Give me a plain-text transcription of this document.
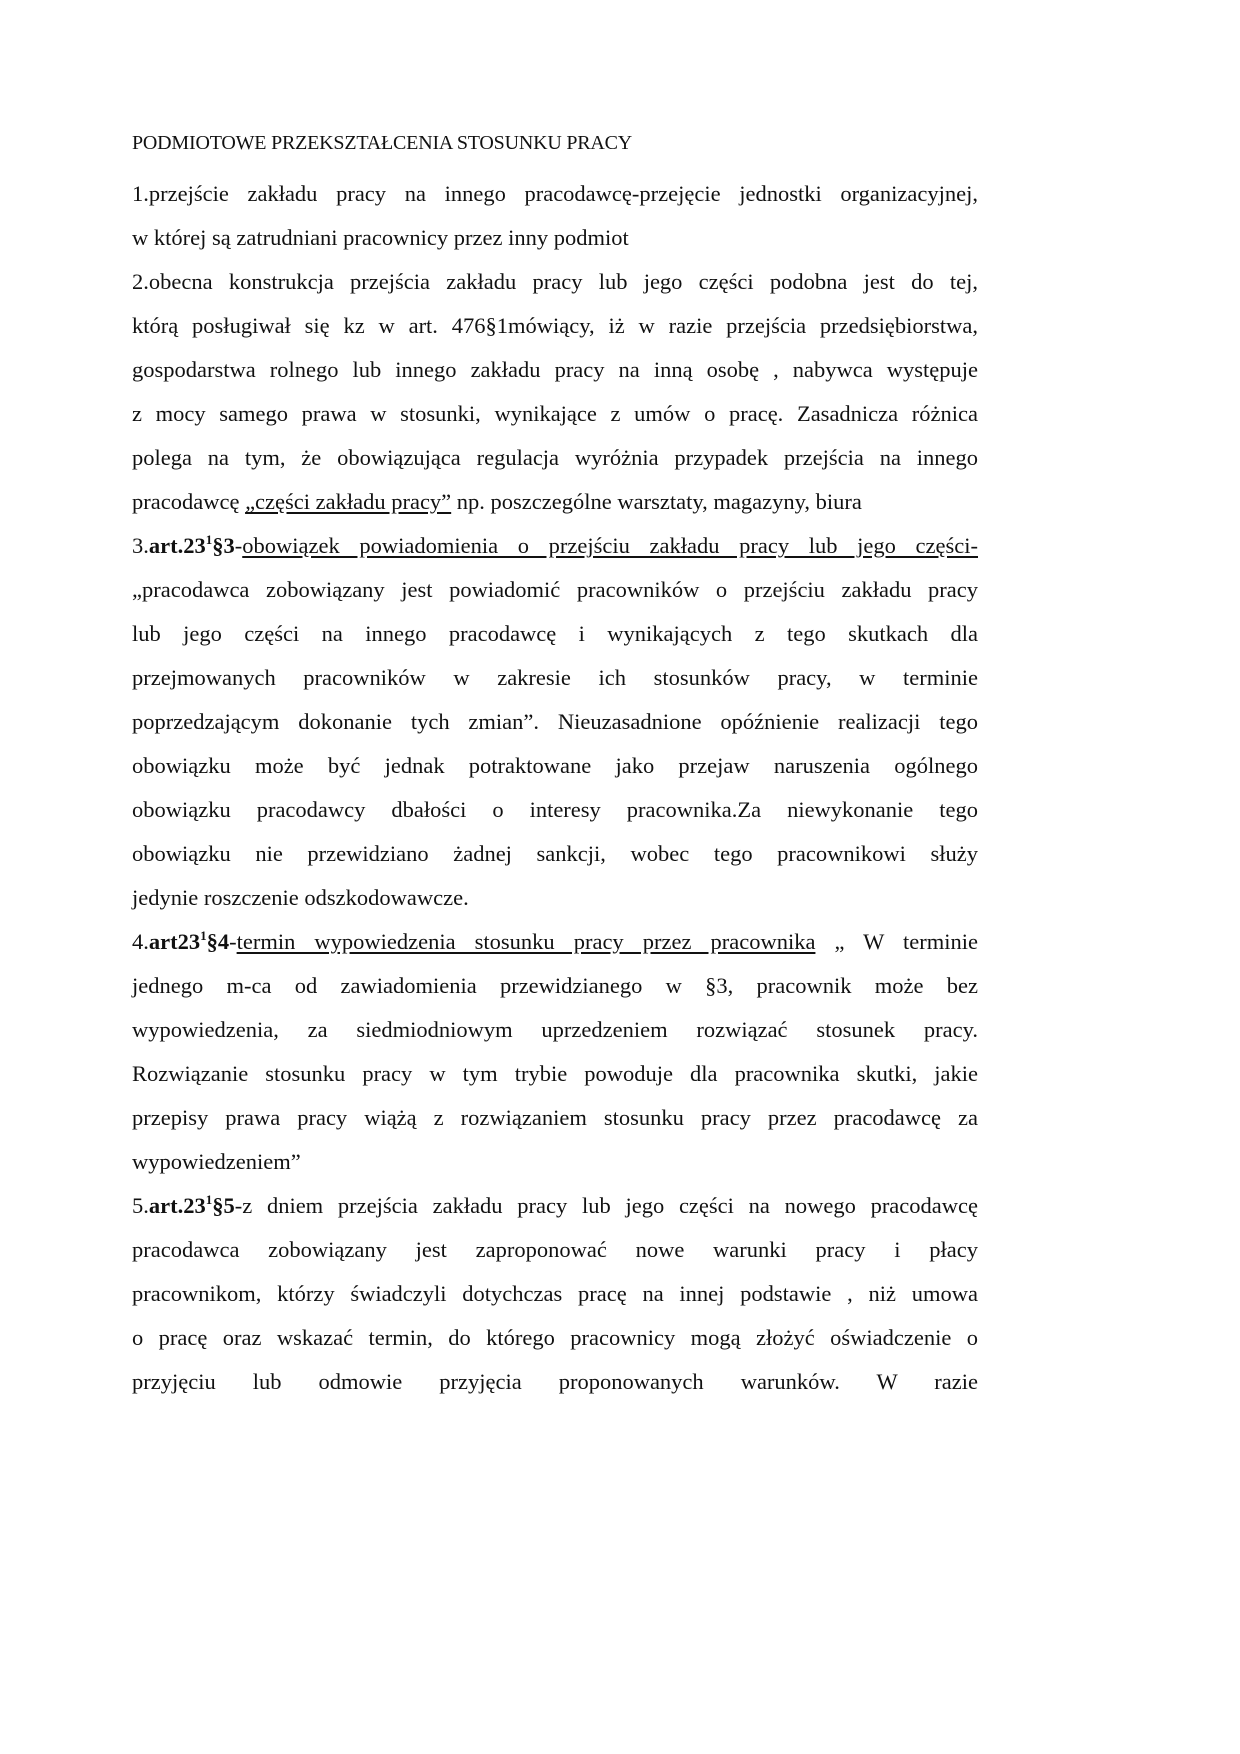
PODMIOTOWE PRZEKSZTAŁCENIA STOSUNKU PRACY
1.przejście zakładu pracy na innego pracodawcę-przejęcie jednostki organizacyjnej,
w której są zatrudniani pracownicy przez inny podmiot
2.obecna konstrukcja przejścia zakładu pracy lub jego części podobna jest do tej,
którą posługiwał się kz w art. 476§1mówiący, iż w razie przejścia przedsiębiorstwa,
gospodarstwa rolnego lub innego zakładu pracy na inną osobę , nabywca występuje
z mocy samego prawa w stosunki, wynikające z umów o pracę. Zasadnicza różnica
polega na tym, że obowiązująca regulacja wyróżnia przypadek przejścia na innego
pracodawcę „części zakładu pracy” np. poszczególne warsztaty, magazyny, biura
$3.art.23^1\S 3$-obowiązek powiadomienia o przejściu zakładu pracy lub jego części-
„pracodawca zobowiązany jest powiadomić pracowników o przejściu zakładu pracy
lub jego części na innego pracodawcę i wynikających z tego skutkach dla
przejmowanych pracowników w zakresie ich stosunków pracy, w terminie
poprzedzającym dokonanie tych zmian”. Nieuzasadnione opóźnienie realizacji tego
obowiązku może być jednak potraktowane jako przejaw naruszenia ogólnego
obowiązku pracodawcy dbałości o interesy pracownika.Za niewykonanie tego
obowiązku nie przewidziano żadnej sankcji, wobec tego pracownikowi służy
jedynie roszczenie odszkodowawcze.
$4.art23^1\S 4$-termin wypowiedzenia stosunku pracy przez pracownika „ W terminie
jednego m-ca od zawiadomienia przewidzianego w §3, pracownik może bez
wypowiedzenia, za siedmiodniowym uprzedzeniem rozwiązać stosunek pracy.
Rozwiązanie stosunku pracy w tym trybie powoduje dla pracownika skutki, jakie
przepisy prawa pracy wiążą z rozwiązaniem stosunku pracy przez pracodawcę za
wypowiedzeniem”
$5.art.23^1\S 5-z$ dniem przejścia zakładu pracy lub jego części na nowego pracodawcę
pracodawca zobowiązany jest zaproponować nowe warunki pracy i płacy
pracownikom, którzy świadczyli dotychczas pracę na innej podstawie , niż umowa
o pracę oraz wskazać termin, do którego pracownicy mogą złożyć oświadczenie o
przyjęciu lub odmowie przyjęcia proponowanych warunków. W razie
